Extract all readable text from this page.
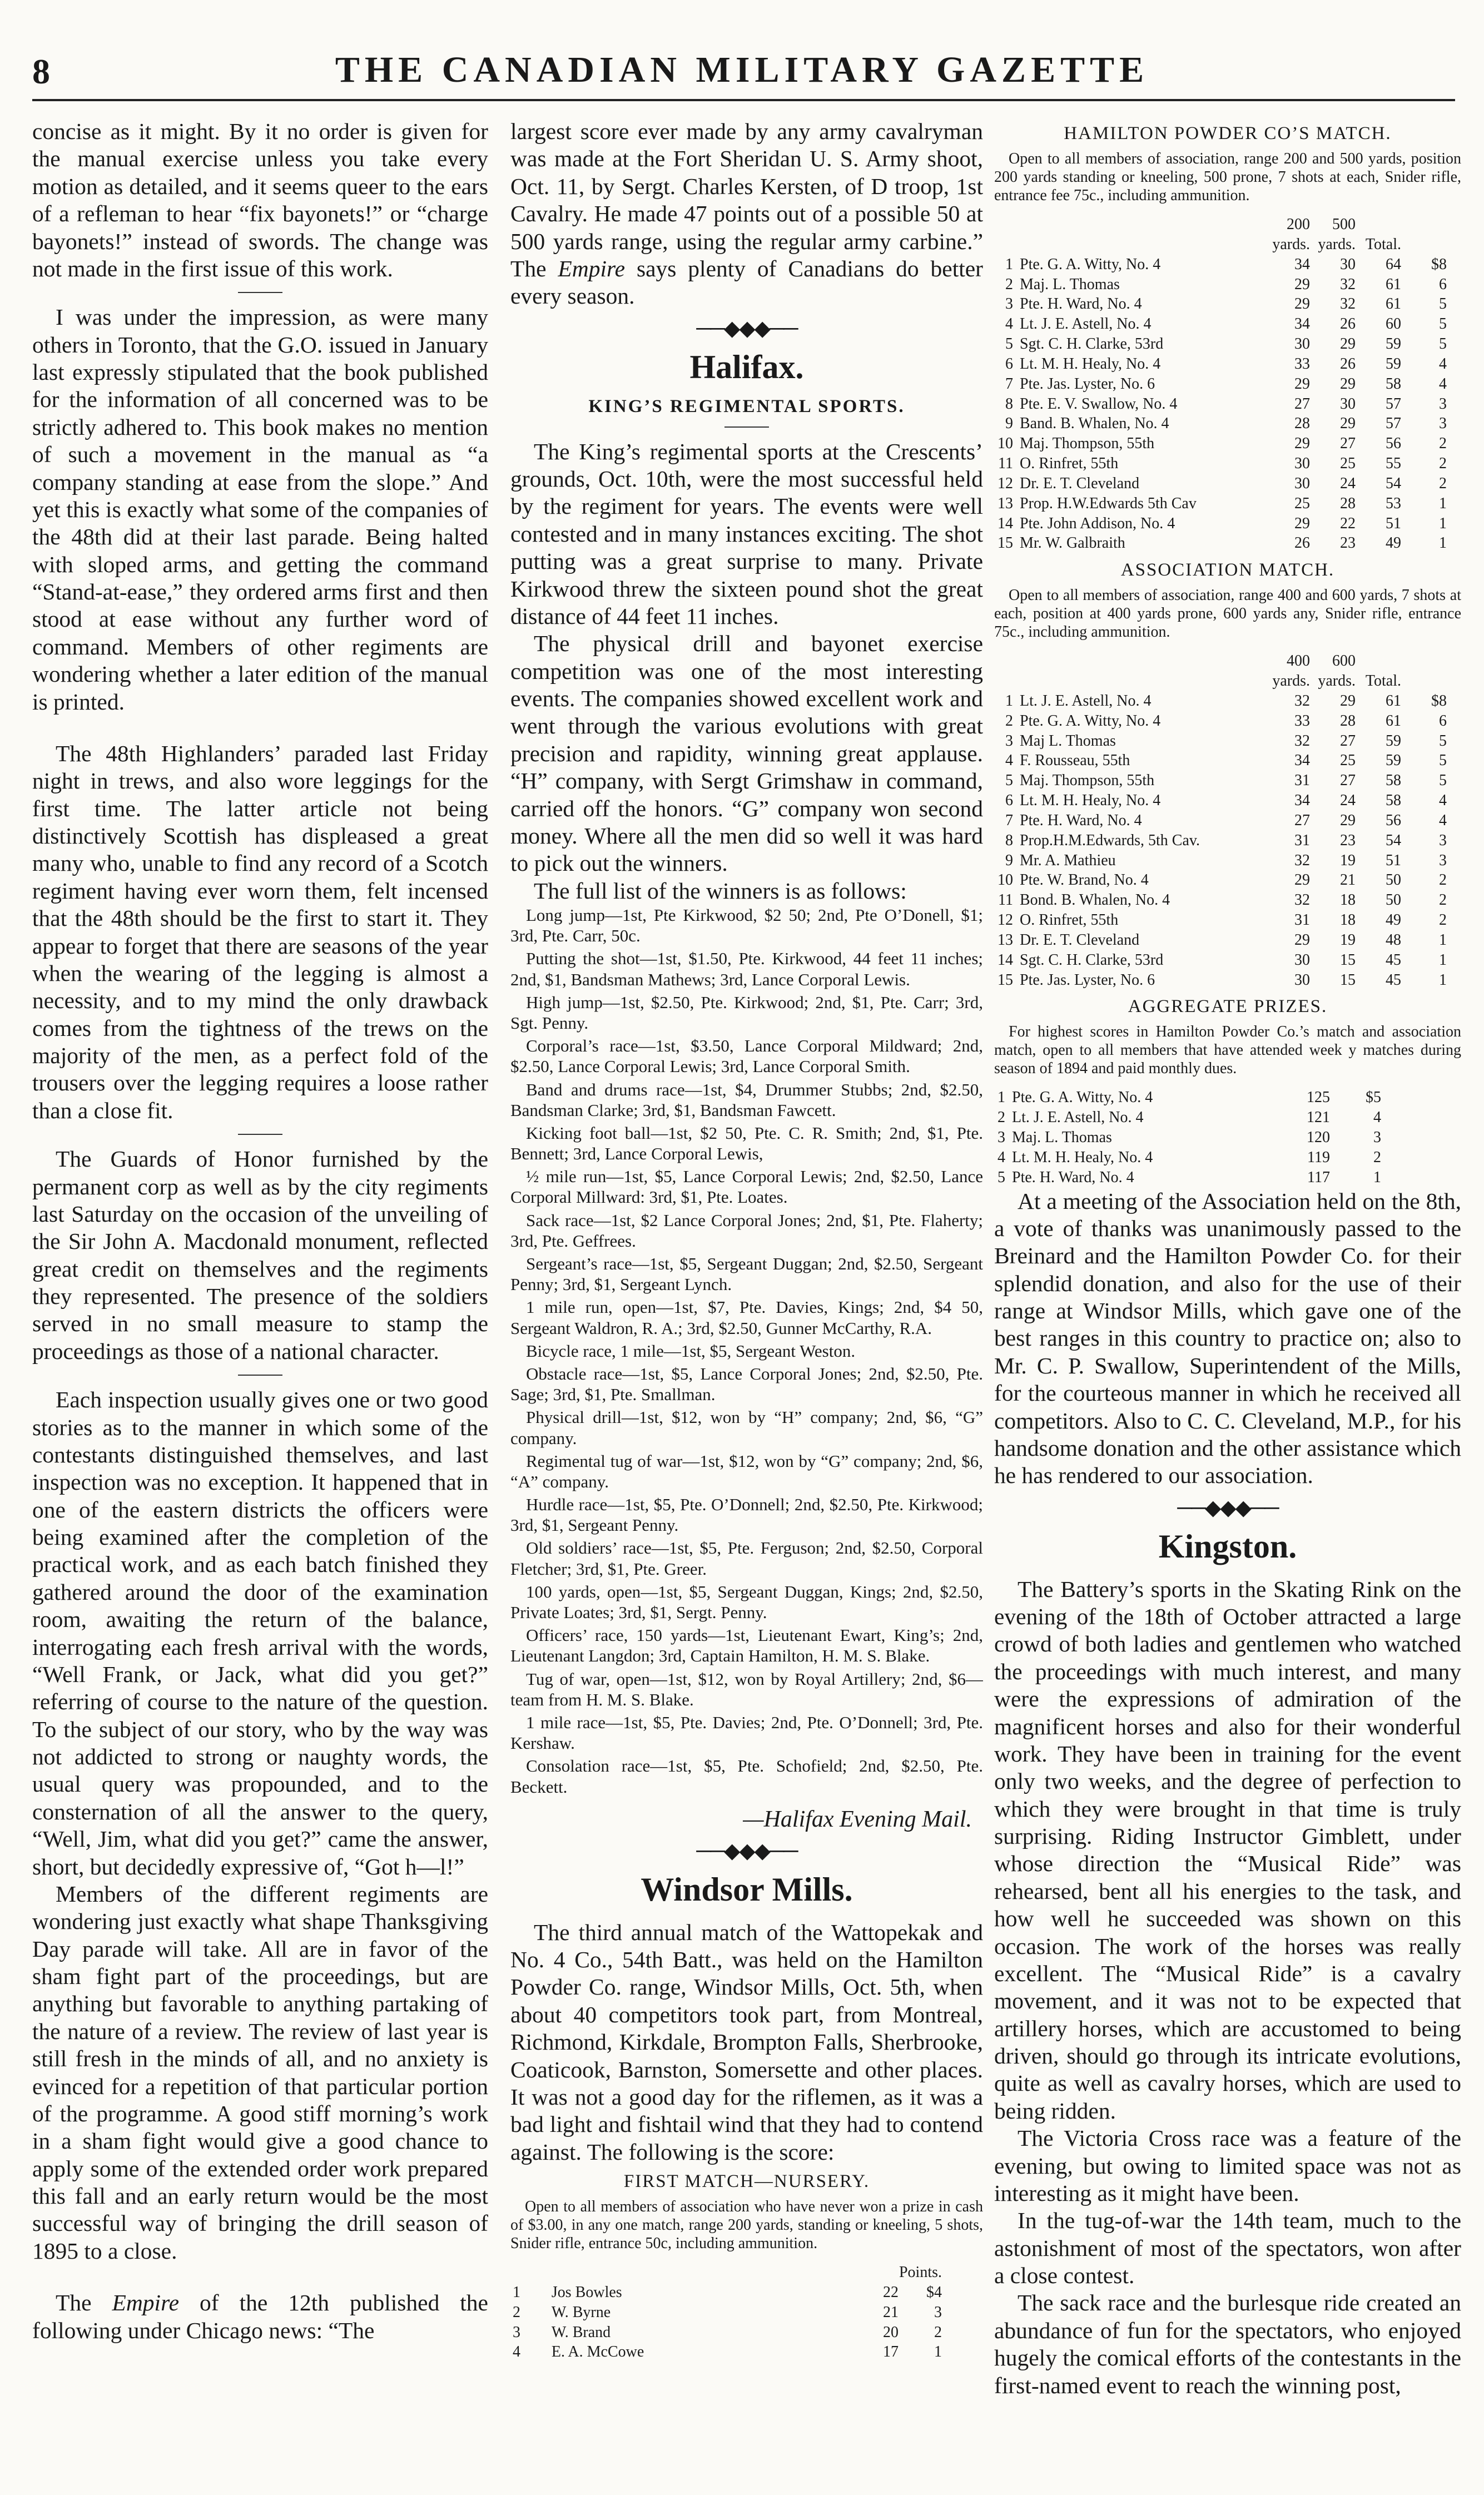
8	THE CANADIAN MILITARY GAZETTE

concise as it might. By it no order is given for the manual exercise unless you take every motion as detailed, and it seems queer to the ears of a refleman to hear “fix bayonets!” or “charge bayonets!” instead of swords. The change was not made in the first issue of this work.

I was under the impression, as were many others in Toronto, that the G.O. issued in January last expressly stipulated that the book published for the information of all concerned was to be strictly adhered to. This book makes no mention of such a movement in the manual as “a company standing at ease from the slope.” And yet this is exactly what some of the companies of the 48th did at their last parade. Being halted with sloped arms, and getting the command “Stand-at-ease,” they ordered arms first and then stood at ease without any further word of command. Members of other regiments are wondering whether a later edition of the manual is printed.

The 48th Highlanders’ paraded last Friday night in trews, and also wore leggings for the first time. The latter article not being distinctively Scottish has displeased a great many who, unable to find any record of a Scotch regiment having ever worn them, felt incensed that the 48th should be the first to start it. They appear to forget that there are seasons of the year when the wearing of the legging is almost a necessity, and to my mind the only drawback comes from the tightness of the trews on the majority of the men, as a perfect fold of the trousers over the legging requires a loose rather than a close fit.

The Guards of Honor furnished by the permanent corp as well as by the city regiments last Saturday on the occasion of the unveiling of the Sir John A. Macdonald monument, reflected great credit on themselves and the regiments they represented. The presence of the soldiers served in no small measure to stamp the proceedings as those of a national character.

Each inspection usually gives one or two good stories as to the manner in which some of the contestants distinguished themselves, and last inspection was no exception. It happened that in one of the eastern districts the officers were being examined after the completion of the practical work, and as each batch finished they gathered around the door of the examination room, awaiting the return of the balance, interrogating each fresh arrival with the words, “Well Frank, or Jack, what did you get?” referring of course to the nature of the question. To the subject of our story, who by the way was not addicted to strong or naughty words, the usual query was propounded, and to the consternation of all the answer to the query, “Well, Jim, what did you get?” came the answer, short, but decidedly expressive of, “Got h—l!”

Members of the different regiments are wondering just exactly what shape Thanksgiving Day parade will take. All are in favor of the sham fight part of the proceedings, but are anything but favorable to anything partaking of the nature of a review. The review of last year is still fresh in the minds of all, and no anxiety is evinced for a repetition of that particular portion of the programme. A good stiff morning’s work in a sham fight would give a good chance to apply some of the extended order work prepared this fall and an early return would be the most successful way of bringing the drill season of 1895 to a close.

The Empire of the 12th published the following under Chicago news: “The

largest score ever made by any army cavalryman was made at the Fort Sheridan U. S. Army shoot, Oct. 11, by Sergt. Charles Kersten, of D troop, 1st Cavalry. He made 47 points out of a possible 50 at 500 yards range, using the regular army carbine.” The Empire says plenty of Canadians do better every season.

──◆◆◆──
Halifax.
KING’S REGIMENTAL SPORTS.

The King’s regimental sports at the Crescents’ grounds, Oct. 10th, were the most successful held by the regiment for years. The events were well contested and in many instances exciting. The shot putting was a great surprise to many. Private Kirkwood threw the sixteen pound shot the great distance of 44 feet 11 inches.

The physical drill and bayonet exercise competition was one of the most interesting events. The companies showed excellent work and went through the various evolutions with great precision and rapidity, winning great applause. “H” company, with Sergt Grimshaw in command, carried off the honors. “G” company won second money. Where all the men did so well it was hard to pick out the winners.

The full list of the winners is as follows:

Long jump—1st, Pte Kirkwood, $2 50; 2nd, Pte O’Donell, $1; 3rd, Pte. Carr, 50c.

Putting the shot—1st, $1.50, Pte. Kirkwood, 44 feet 11 inches; 2nd, $1, Bandsman Mathews; 3rd, Lance Corporal Lewis.

High jump—1st, $2.50, Pte. Kirkwood; 2nd, $1, Pte. Carr; 3rd, Sgt. Penny.

Corporal’s race—1st, $3.50, Lance Corporal Mildward; 2nd, $2.50, Lance Corporal Lewis; 3rd, Lance Corporal Smith.

Band and drums race—1st, $4, Drummer Stubbs; 2nd, $2.50, Bandsman Clarke; 3rd, $1, Bandsman Fawcett.

Kicking foot ball—1st, $2 50, Pte. C. R. Smith; 2nd, $1, Pte. Bennett; 3rd, Lance Corporal Lewis,

½ mile run—1st, $5, Lance Corporal Lewis; 2nd, $2.50, Lance Corporal Millward: 3rd, $1, Pte. Loates.

Sack race—1st, $2 Lance Corporal Jones; 2nd, $1, Pte. Flaherty; 3rd, Pte. Geffrees.

Sergeant’s race—1st, $5, Sergeant Duggan; 2nd, $2.50, Sergeant Penny; 3rd, $1, Sergeant Lynch.

1 mile run, open—1st, $7, Pte. Davies, Kings; 2nd, $4 50, Sergeant Waldron, R. A.; 3rd, $2.50, Gunner McCarthy, R.A.

Bicycle race, 1 mile—1st, $5, Sergeant Weston.

Obstacle race—1st, $5, Lance Corporal Jones; 2nd, $2.50, Pte. Sage; 3rd, $1, Pte. Smallman.

Physical drill—1st, $12, won by “H” company; 2nd, $6, “G” company.

Regimental tug of war—1st, $12, won by “G” company; 2nd, $6, “A” company.

Hurdle race—1st, $5, Pte. O’Donnell; 2nd, $2.50, Pte. Kirkwood; 3rd, $1, Sergeant Penny.

Old soldiers’ race—1st, $5, Pte. Ferguson; 2nd, $2.50, Corporal Fletcher; 3rd, $1, Pte. Greer.

100 yards, open—1st, $5, Sergeant Duggan, Kings; 2nd, $2.50, Private Loates; 3rd, $1, Sergt. Penny.

Officers’ race, 150 yards—1st, Lieutenant Ewart, King’s; 2nd, Lieutenant Langdon; 3rd, Captain Hamilton, H. M. S. Blake.

Tug of war, open—1st, $12, won by Royal Artillery; 2nd, $6—team from H. M. S. Blake.

1 mile race—1st, $5, Pte. Davies; 2nd, Pte. O’Donnell; 3rd, Pte. Kershaw.

Consolation race—1st, $5, Pte. Schofield; 2nd, $2.50, Pte. Beckett.

—Halifax Evening Mail.
──◆◆◆──
Windsor Mills.

The third annual match of the Wattopekak and No. 4 Co., 54th Batt., was held on the Hamilton Powder Co. range, Windsor Mills, Oct. 5th, when about 40 competitors took part, from Montreal, Richmond, Kirkdale, Brompton Falls, Sherbrooke, Coaticook, Barnston, Somersette and other places. It was not a good day for the riflemen, as it was a bad light and fishtail wind that they had to contend against. The following is the score:

FIRST MATCH—NURSERY.

Open to all members of association who have never won a prize in cash of $3.00, in any one match, range 200 yards, standing or kneeling, 5 shots, Snider rifle, entrance 50c, including ammunition.

		Points.	
1	Jos Bowles	22	$4
2	W. Byrne	21	3
3	W. Brand	20	2
4	E. A. McCowe	17	1
HAMILTON POWDER CO’S MATCH.

Open to all members of association, range 200 and 500 yards, position 200 yards standing or kneeling, 500 prone, 7 shots at each, Snider rifle, entrance fee 75c., including ammunition.

		200	500		
		yards.	yards.	Total.	
1	Pte. G. A. Witty, No. 4	34	30	64	$8
2	Maj. L. Thomas	29	32	61	6
3	Pte. H. Ward, No. 4	29	32	61	5
4	Lt. J. E. Astell, No. 4	34	26	60	5
5	Sgt. C. H. Clarke, 53rd	30	29	59	5
6	Lt. M. H. Healy, No. 4	33	26	59	4
7	Pte. Jas. Lyster, No. 6	29	29	58	4
8	Pte. E. V. Swallow, No. 4	27	30	57	3
9	Band. B. Whalen, No. 4	28	29	57	3
10	Maj. Thompson, 55th	29	27	56	2
11	O. Rinfret, 55th	30	25	55	2
12	Dr. E. T. Cleveland	30	24	54	2
13	Prop. H.W.Edwards 5th Cav	25	28	53	1
14	Pte. John Addison, No. 4	29	22	51	1
15	Mr. W. Galbraith	26	23	49	1
ASSOCIATION MATCH.

Open to all members of association, range 400 and 600 yards, 7 shots at each, position at 400 yards prone, 600 yards any, Snider rifle, entrance 75c., including ammunition.

		400	600		
		yards.	yards.	Total.	
1	Lt. J. E. Astell, No. 4	32	29	61	$8
2	Pte. G. A. Witty, No. 4	33	28	61	6
3	Maj L. Thomas	32	27	59	5
4	F. Rousseau, 55th	34	25	59	5
5	Maj. Thompson, 55th	31	27	58	5
6	Lt. M. H. Healy, No. 4	34	24	58	4
7	Pte. H. Ward, No. 4	27	29	56	4
8	Prop.H.M.Edwards, 5th Cav.	31	23	54	3
9	Mr. A. Mathieu	32	19	51	3
10	Pte. W. Brand, No. 4	29	21	50	2
11	Bond. B. Whalen, No. 4	32	18	50	2
12	O. Rinfret, 55th	31	18	49	2
13	Dr. E. T. Cleveland	29	19	48	1
14	Sgt. C. H. Clarke, 53rd	30	15	45	1
15	Pte. Jas. Lyster, No. 6	30	15	45	1
AGGREGATE PRIZES.

For highest scores in Hamilton Powder Co.’s match and association match, open to all members that have attended week y matches during season of 1894 and paid monthly dues.

1	Pte. G. A. Witty, No. 4	125	$5
2	Lt. J. E. Astell, No. 4	121	4
3	Maj. L. Thomas	120	3
4	Lt. M. H. Healy, No. 4	119	2
5	Pte. H. Ward, No. 4	117	1

At a meeting of the Association held on the 8th, a vote of thanks was unanimously passed to the Breinard and the Hamilton Powder Co. for their splendid donation, and also for the use of their range at Windsor Mills, which gave one of the best ranges in this country to practice on; also to Mr. C. P. Swallow, Superintendent of the Mills, for the courteous manner in which he received all competitors. Also to C. C. Cleveland, M.P., for his handsome donation and the other assistance which he has rendered to our association.

──◆◆◆──
Kingston.

The Battery’s sports in the Skating Rink on the evening of the 18th of October attracted a large crowd of both ladies and gentlemen who watched the proceedings with much interest, and many were the expressions of admiration of the magnificent horses and also for their wonderful work. They have been in training for the event only two weeks, and the degree of perfection to which they were brought in that time is truly surprising. Riding Instructor Gimblett, under whose direction the “Musical Ride” was rehearsed, bent all his energies to the task, and how well he succeeded was shown on this occasion. The work of the horses was really excellent. The “Musical Ride” is a cavalry movement, and it was not to be expected that artillery horses, which are accustomed to being driven, should go through its intricate evolutions, quite as well as cavalry horses, which are used to being ridden.

The Victoria Cross race was a feature of the evening, but owing to limited space was not as interesting as it might have been.

In the tug-of-war the 14th team, much to the astonishment of most of the spectators, won after a close contest.

The sack race and the burlesque ride created an abundance of fun for the spectators, who enjoyed hugely the comical efforts of the contestants in the first-named event to reach the winning post,
